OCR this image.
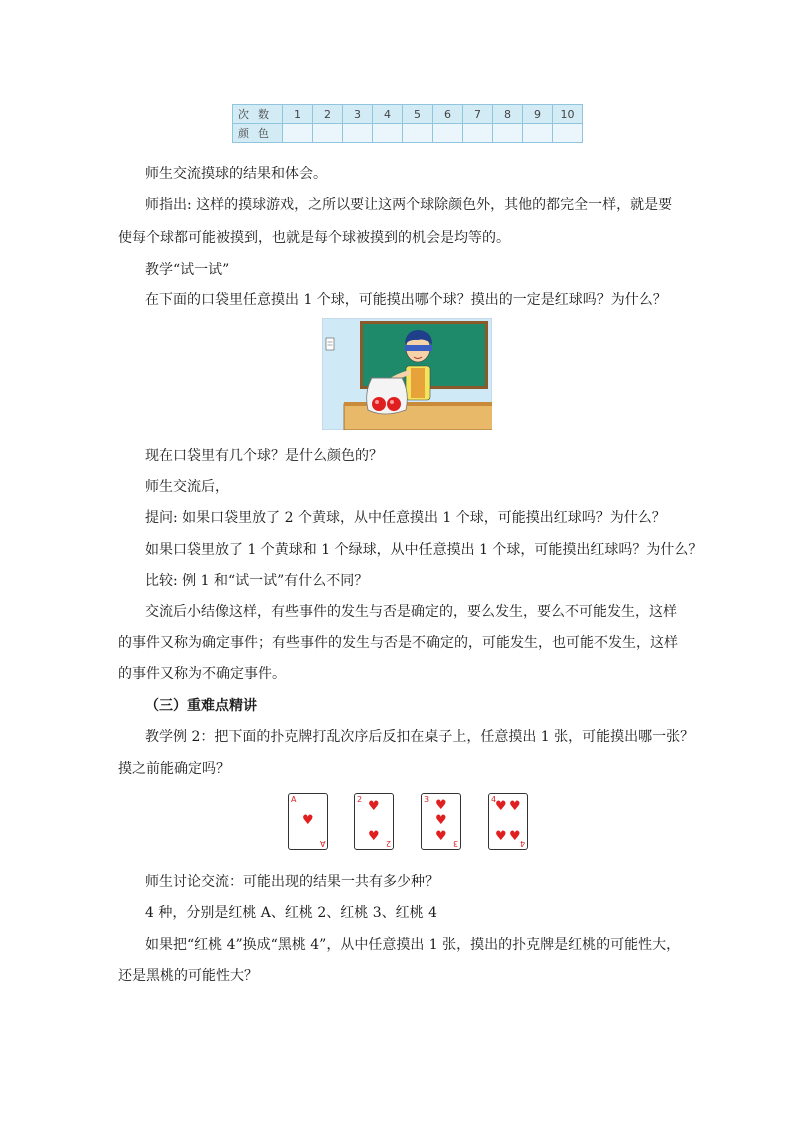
次数	1	2	3	4	5	6	7	8	9	10
颜色										

师生交流摸球的结果和体会。

师指出: 这样的摸球游戏，之所以要让这两个球除颜色外，其他的都完全一样，就是要

使每个球都可能被摸到，也就是每个球被摸到的机会是均等的。

教学“试一试”

在下面的口袋里任意摸出 1 个球，可能摸出哪个球？摸出的一定是红球吗？为什么？

现在口袋里有几个球？是什么颜色的？

师生交流后，

提问: 如果口袋里放了 2 个黄球，从中任意摸出 1 个球，可能摸出红球吗？为什么？

如果口袋里放了 1 个黄球和 1 个绿球，从中任意摸出 1 个球，可能摸出红球吗？为什么？

比较: 例 1 和“试一试”有什么不同？

交流后小结像这样，有些事件的发生与否是确定的，要么发生，要么不可能发生，这样

的事件又称为确定事件；有些事件的发生与否是不确定的，可能发生，也可能不发生，这样

的事件又称为不确定事件。

（三）重难点精讲

教学例 2：把下面的扑克牌打乱次序后反扣在桌子上，任意摸出 1 张，可能摸出哪一张？

摸之前能确定吗？

A
A
♥
2
2
♥
♥
3
3
♥
♥
♥
4
4
♥ ♥
♥ ♥

师生讨论交流：可能出现的结果一共有多少种？

4 种，分别是红桃 A、红桃 2、红桃 3、红桃 4

如果把“红桃 4”换成“黑桃 4”，从中任意摸出 1 张，摸出的扑克牌是红桃的可能性大，

还是黑桃的可能性大？
